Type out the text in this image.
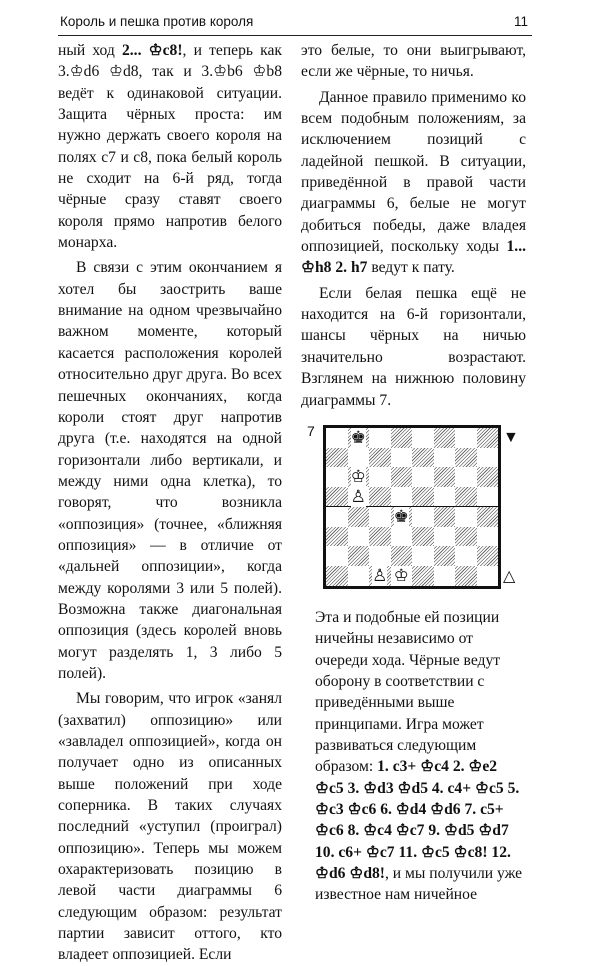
Король и пешка против короля	11

ный ход 2... ♔c8!, и теперь как 3.♔d6 ♔d8, так и 3.♔b6 ♔b8 ведёт к одинаковой ситуации. Защита чёрных проста: им нужно держать своего короля на полях c7 и c8, пока белый король не сходит на 6-й ряд, тогда чёрные сразу ставят своего короля прямо напротив белого монарха.

В связи с этим окончанием я хотел бы заострить ваше внимание на одном чрезвычайно важном моменте, который касается расположения королей относительно друг друга. Во всех пешечных окончаниях, когда короли стоят друг напротив друга (т.е. находятся на одной горизонтали либо вертикали, и между ними одна клетка), то говорят, что возникла «оппозиция» (точнее, «ближняя оппозиция» — в отличие от «дальней оппозиции», когда между королями 3 или 5 полей). Возможна также диагональная оппозиция (здесь королей вновь могут разделять 1, 3 либо 5 полей).

Мы говорим, что игрок «занял (захватил) оппозицию» или «завладел оппозицией», когда он получает одно из описанных выше положений при ходе соперника. В таких случаях последний «уступил (проиграл) оппозицию». Теперь мы можем охарактеризовать позицию в левой части диаграммы 6 следующим образом: результат партии зависит оттого, кто владеет оппозицией. Если

это белые, то они выигрывают, если же чёрные, то ничья.

Данное правило применимо ко всем подобным положениям, за исключением позиций с ладейной пешкой. В ситуации, приведённой в правой части диаграммы 6, белые не могут добиться победы, даже владея оппозицией, поскольку ходы 1... ♔h8 2. h7 ведут к пату.

Если белая пешка ещё не находится на 6-й горизонтали, шансы чёрных на ничью значительно возрастают. Взглянем на нижнюю половину диаграммы 7.

7 ♚
♔
♙
♚
♙ ♔
▼
△

Эта и подобные ей позиции ничейны независимо от очереди хода. Чёрные ведут оборону в соответствии с приведёнными выше принципами. Игра может развиваться следующим образом: 1. c3+ ♔c4 2. ♔e2 ♔c5 3. ♔d3 ♔d5 4. c4+ ♔c5 5. ♔c3 ♔c6 6. ♔d4 ♔d6 7. c5+ ♔c6 8. ♔c4 ♔c7 9. ♔d5 ♔d7 10. c6+ ♔c7 11. ♔c5 ♔c8! 12. ♔d6 ♔d8!, и мы получили уже известное нам ничейное
